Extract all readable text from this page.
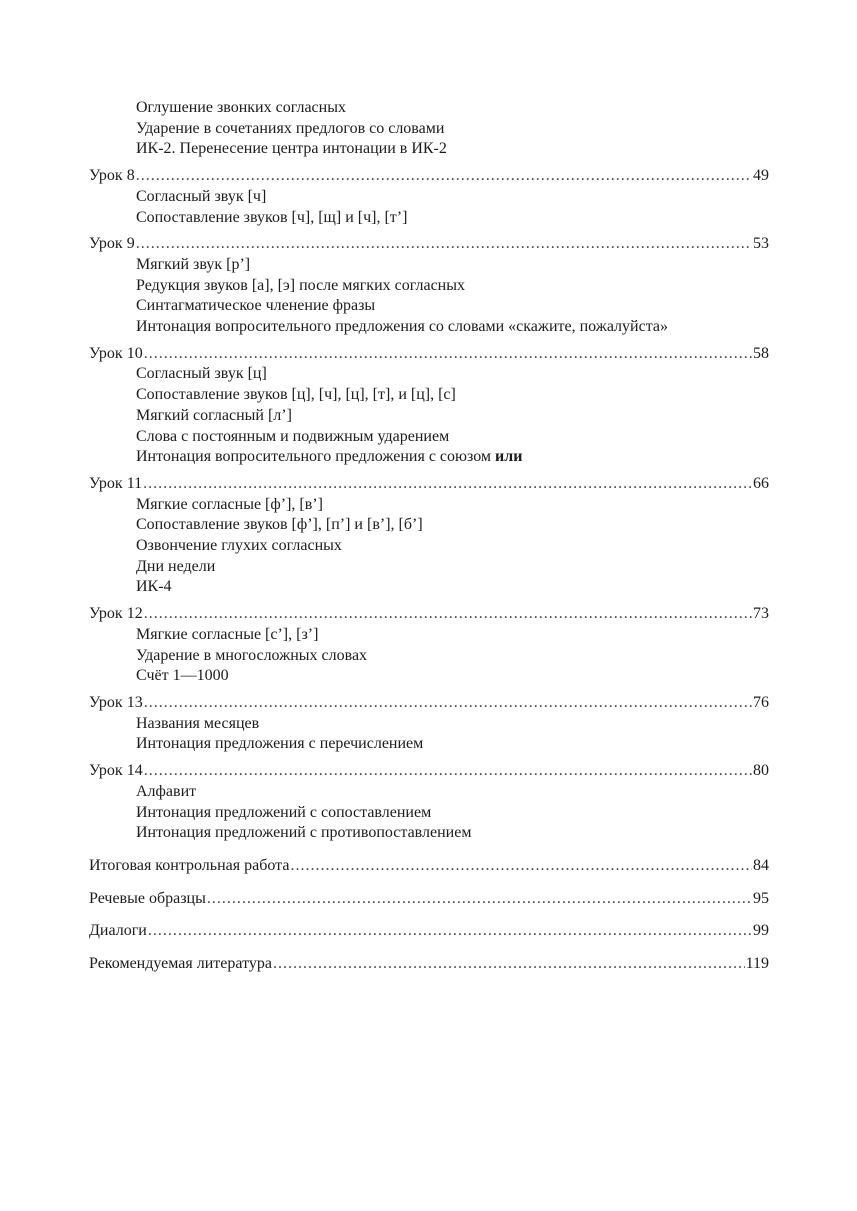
Оглушение звонких согласных
Ударение в сочетаниях предлогов со словами
ИК-2. Перенесение центра интонации в ИК-2
Урок 8 .....	49
Согласный звук [ч]
Сопоставление звуков [ч], [щ] и [ч], [т’]
Урок 9 .....	53
Мягкий звук [р’]
Редукция звуков [а], [э] после мягких согласных
Синтагматическое членение фразы
Интонация вопросительного предложения со словами «скажите, пожалуйста»
Урок 10 .....	58
Согласный звук [ц]
Сопоставление звуков [ц], [ч], [ц], [т], и [ц], [с]
Мягкий согласный [л’]
Слова с постоянным и подвижным ударением
Интонация вопросительного предложения с союзом или
Урок 11 .....	66
Мягкие согласные [ф’], [в’]
Сопоставление звуков [ф’], [п’] и [в’], [б’]
Озвончение глухих согласных
Дни недели
ИК-4
Урок 12 .....	73
Мягкие согласные [с’], [з’]
Ударение в многосложных словах
Счёт 1—1000
Урок 13 .....	76
Названия месяцев
Интонация предложения с перечислением
Урок 14 .....	80
Алфавит
Интонация предложений с сопоставлением
Интонация предложений с противопоставлением
Итоговая контрольная работа .....	84
Речевые образцы .....	95
Диалоги .....	99
Рекомендуемая литература .....	119
